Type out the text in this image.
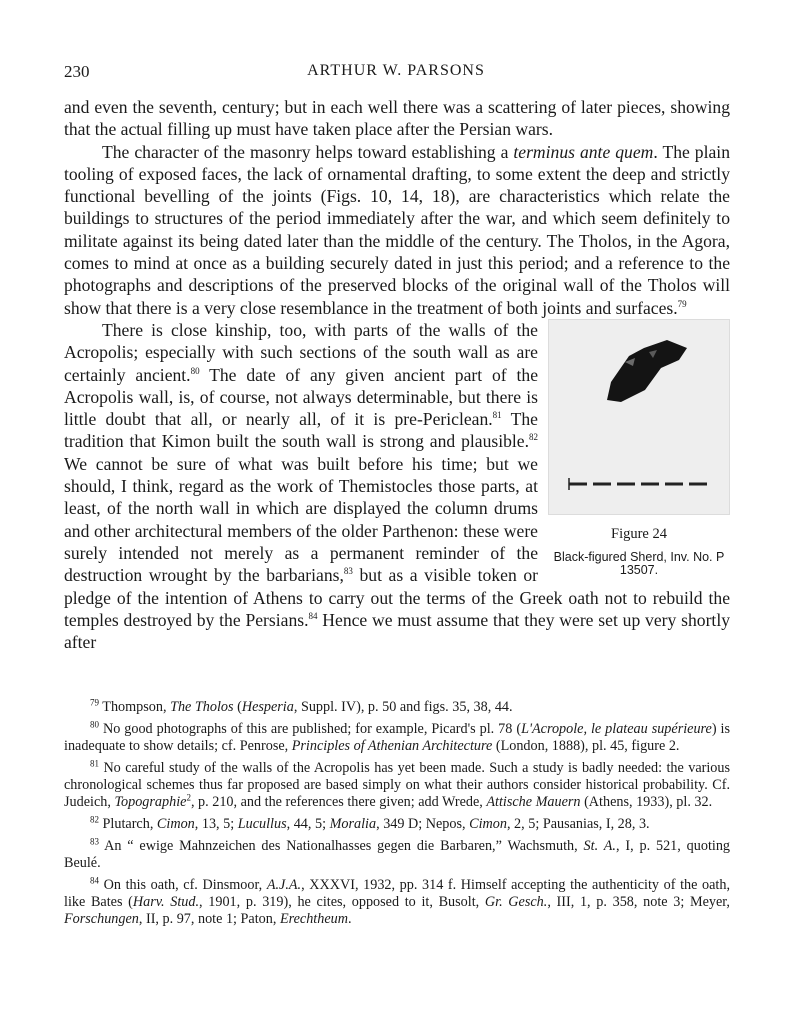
230	ARTHUR W. PARSONS

and even the seventh, century; but in each well there was a scattering of later pieces, showing that the actual filling up must have taken place after the Persian wars.

The character of the masonry helps toward establishing a terminus ante quem. The plain tooling of exposed faces, the lack of ornamental drafting, to some extent the deep and strictly functional bevelling of the joints (Figs. 10, 14, 18), are characteristics which relate the buildings to structures of the period immediately after the war, and which seem definitely to militate against its being dated later than the middle of the century. The Tholos, in the Agora, comes to mind at once as a building securely dated in just this period; and a reference to the photographs and descriptions of the preserved blocks of the original wall of the Tholos will show that there is a very close resemblance in the treatment of both joints and surfaces.$^{79}$

Figure 24
Black-figured Sherd, Inv. No. P 13507.

There is close kinship, too, with parts of the walls of the Acropolis; especially with such sections of the south wall as are certainly ancient.$^{80}$ The date of any given ancient part of the Acropolis wall, is, of course, not always determinable, but there is little doubt that all, or nearly all, of it is pre-Periclean.$^{81}$ The tradition that Kimon built the south wall is strong and plausible.$^{82}$ We cannot be sure of what was built before his time; but we should, I think, regard as the work of Themistocles those parts, at least, of the north wall in which are displayed the column drums and other architectural members of the older Parthenon: these were surely intended not merely as a permanent reminder of the destruction wrought by the barbarians,$^{83}$ but as a visible token or pledge of the intention of Athens to carry out the terms of the Greek oath not to rebuild the temples destroyed by the Persians.$^{84}$ Hence we must assume that they were set up very shortly after

$^{79}$ Thompson, The Tholos (Hesperia, Suppl. IV), p. 50 and figs. 35, 38, 44.

$^{80}$ No good photographs of this are published; for example, Picard's pl. 78 (L'Acropole, le plateau supérieure) is inadequate to show details; cf. Penrose, Principles of Athenian Architecture (London, 1888), pl. 45, figure 2.

$^{81}$ No careful study of the walls of the Acropolis has yet been made. Such a study is badly needed: the various chronological schemes thus far proposed are based simply on what their authors consider historical probability. Cf. Judeich, Topographie$^2$, p. 210, and the references there given; add Wrede, Attische Mauern (Athens, 1933), pl. 32.

$^{82}$ Plutarch, Cimon, 13, 5; Lucullus, 44, 5; Moralia, 349 D; Nepos, Cimon, 2, 5; Pausanias, I, 28, 3.

$^{83}$ An “ ewige Mahnzeichen des Nationalhasses gegen die Barbaren,” Wachsmuth, St. A., I, p. 521, quoting Beulé.

$^{84}$ On this oath, cf. Dinsmoor, A.J.A., XXXVI, 1932, pp. 314 f. Himself accepting the authenticity of the oath, like Bates (Harv. Stud., 1901, p. 319), he cites, opposed to it, Busolt, Gr. Gesch., III, 1, p. 358, note 3; Meyer, Forschungen, II, p. 97, note 1; Paton, Erechtheum.
